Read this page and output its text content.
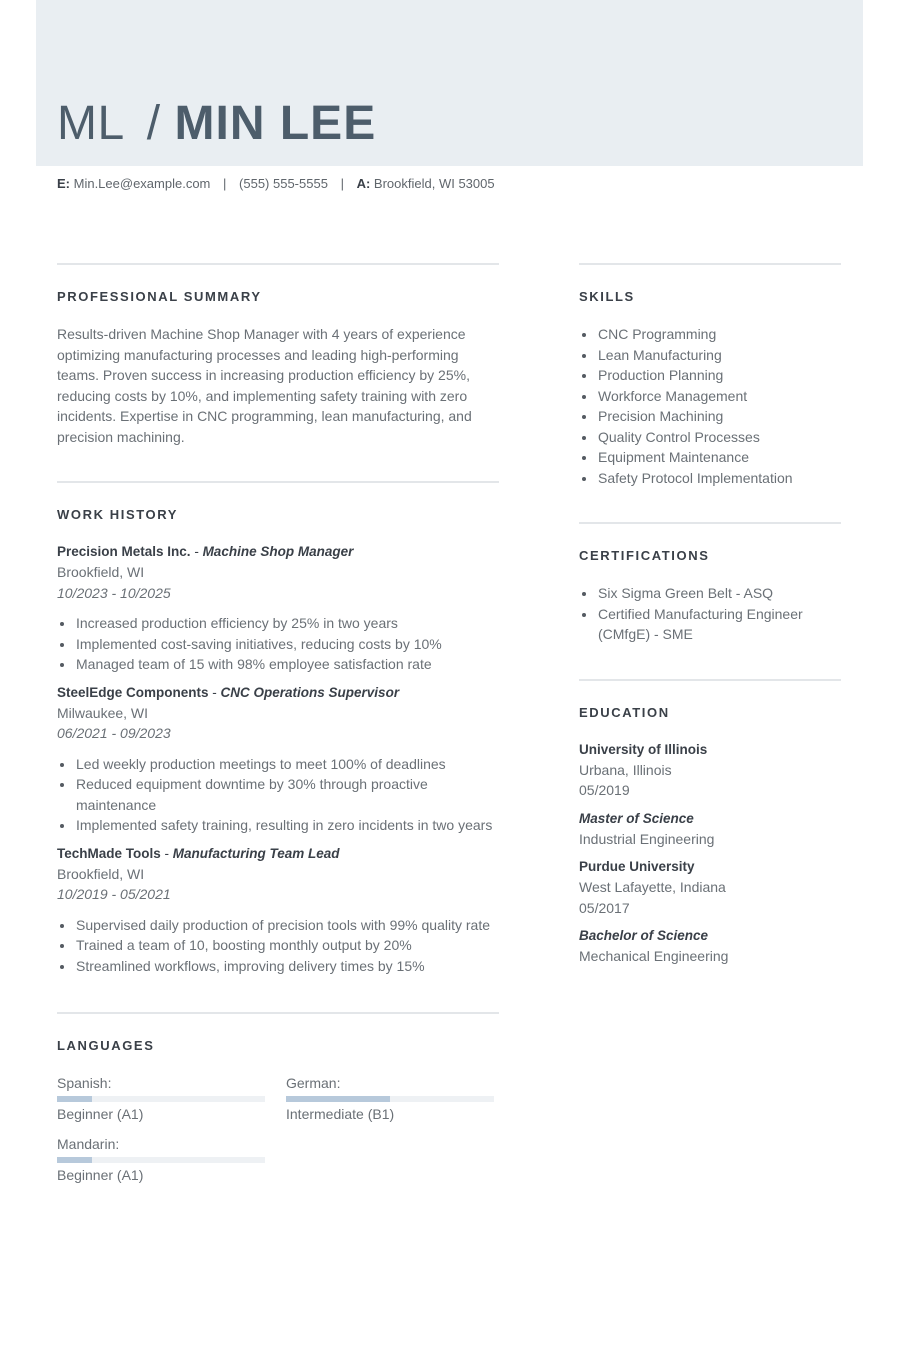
ML / MIN LEE
E: Min.Lee@example.com | (555) 555-5555 | A: Brookfield, WI 53005
PROFESSIONAL SUMMARY
Results-driven Machine Shop Manager with 4 years of experience optimizing manufacturing processes and leading high-performing teams. Proven success in increasing production efficiency by 25%, reducing costs by 10%, and implementing safety training with zero incidents. Expertise in CNC programming, lean manufacturing, and precision machining.
WORK HISTORY
Precision Metals Inc. - Machine Shop Manager
Brookfield, WI
10/2023 - 10/2025
Increased production efficiency by 25% in two years
Implemented cost-saving initiatives, reducing costs by 10%
Managed team of 15 with 98% employee satisfaction rate
SteelEdge Components - CNC Operations Supervisor
Milwaukee, WI
06/2021 - 09/2023
Led weekly production meetings to meet 100% of deadlines
Reduced equipment downtime by 30% through proactive maintenance
Implemented safety training, resulting in zero incidents in two years
TechMade Tools - Manufacturing Team Lead
Brookfield, WI
10/2019 - 05/2021
Supervised daily production of precision tools with 99% quality rate
Trained a team of 10, boosting monthly output by 20%
Streamlined workflows, improving delivery times by 15%
LANGUAGES
Spanish:
Beginner (A1)
German:
Intermediate (B1)
Mandarin:
Beginner (A1)
SKILLS
CNC Programming
Lean Manufacturing
Production Planning
Workforce Management
Precision Machining
Quality Control Processes
Equipment Maintenance
Safety Protocol Implementation
CERTIFICATIONS
Six Sigma Green Belt - ASQ
Certified Manufacturing Engineer (CMfgE) - SME
EDUCATION
University of Illinois
Urbana, Illinois
05/2019
Master of Science
Industrial Engineering
Purdue University
West Lafayette, Indiana
05/2017
Bachelor of Science
Mechanical Engineering
